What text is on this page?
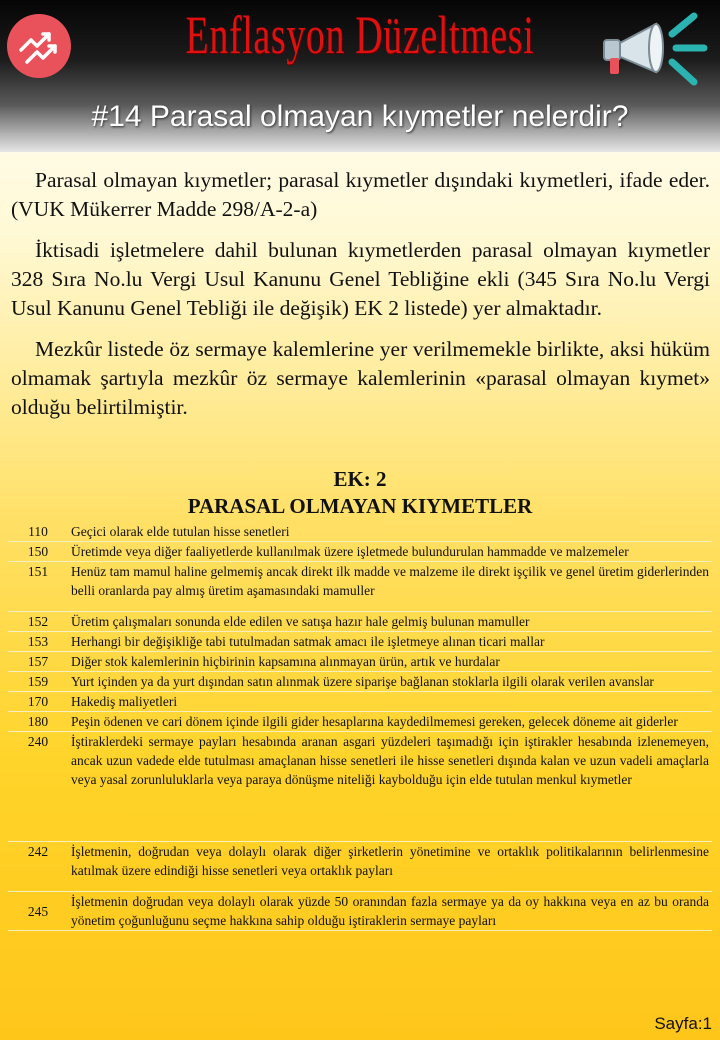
Enflasyon Düzeltmesi
#14 Parasal olmayan kıymetler nelerdir?

Parasal olmayan kıymetler; parasal kıymetler dışındaki kıymetleri, ifade eder. (VUK Mükerrer Madde 298/A-2-a)

İktisadi işletmelere dahil bulunan kıymetlerden parasal olmayan kıymetler 328 Sıra No.lu Vergi Usul Kanunu Genel Tebliğine ekli (345 Sıra No.lu Vergi Usul Kanunu Genel Tebliği ile değişik) EK 2 listede) yer almaktadır.

Mezkûr listede öz sermaye kalemlerine yer verilmemekle birlikte, aksi hüküm olmamak şartıyla mezkûr öz sermaye kalemlerinin «parasal olmayan kıymet» olduğu belirtilmiştir.

EK: 2
PARASAL OLMAYAN KIYMETLER
110	Geçici olarak elde tutulan hisse senetleri
150	Üretimde veya diğer faaliyetlerde kullanılmak üzere işletmede bulundurulan hammadde ve malzemeler
151	Henüz tam mamul haline gelmemiş ancak direkt ilk madde ve malzeme ile direkt işçilik ve genel üretim giderlerinden belli oranlarda pay almış üretim aşamasındaki mamuller
152	Üretim çalışmaları sonunda elde edilen ve satışa hazır hale gelmiş bulunan mamuller
153	Herhangi bir değişikliğe tabi tutulmadan satmak amacı ile işletmeye alınan ticari mallar
157	Diğer stok kalemlerinin hiçbirinin kapsamına alınmayan ürün, artık ve hurdalar
159	Yurt içinden ya da yurt dışından satın alınmak üzere siparişe bağlanan stoklarla ilgili olarak verilen avanslar
170	Hakediş maliyetleri
180	Peşin ödenen ve cari dönem içinde ilgili gider hesaplarına kaydedilmemesi gereken, gelecek döneme ait giderler
240	İştiraklerdeki sermaye payları hesabında aranan asgari yüzdeleri taşımadığı için iştirakler hesabında izlenemeyen, ancak uzun vadede elde tutulması amaçlanan hisse senetleri ile hisse senetleri dışında kalan ve uzun vadeli amaçlarla veya yasal zorunluluklarla veya paraya dönüşme niteliği kaybolduğu için elde tutulan menkul kıymetler
242	İşletmenin, doğrudan veya dolaylı olarak diğer şirketlerin yönetimine ve ortaklık politikalarının belirlenmesine katılmak üzere edindiği hisse senetleri veya ortaklık payları
245	İşletmenin doğrudan veya dolaylı olarak yüzde 50 oranından fazla sermaye ya da oy hakkına veya en az bu oranda yönetim çoğunluğunu seçme hakkına sahip olduğu iştiraklerin sermaye payları
Sayfa:1
